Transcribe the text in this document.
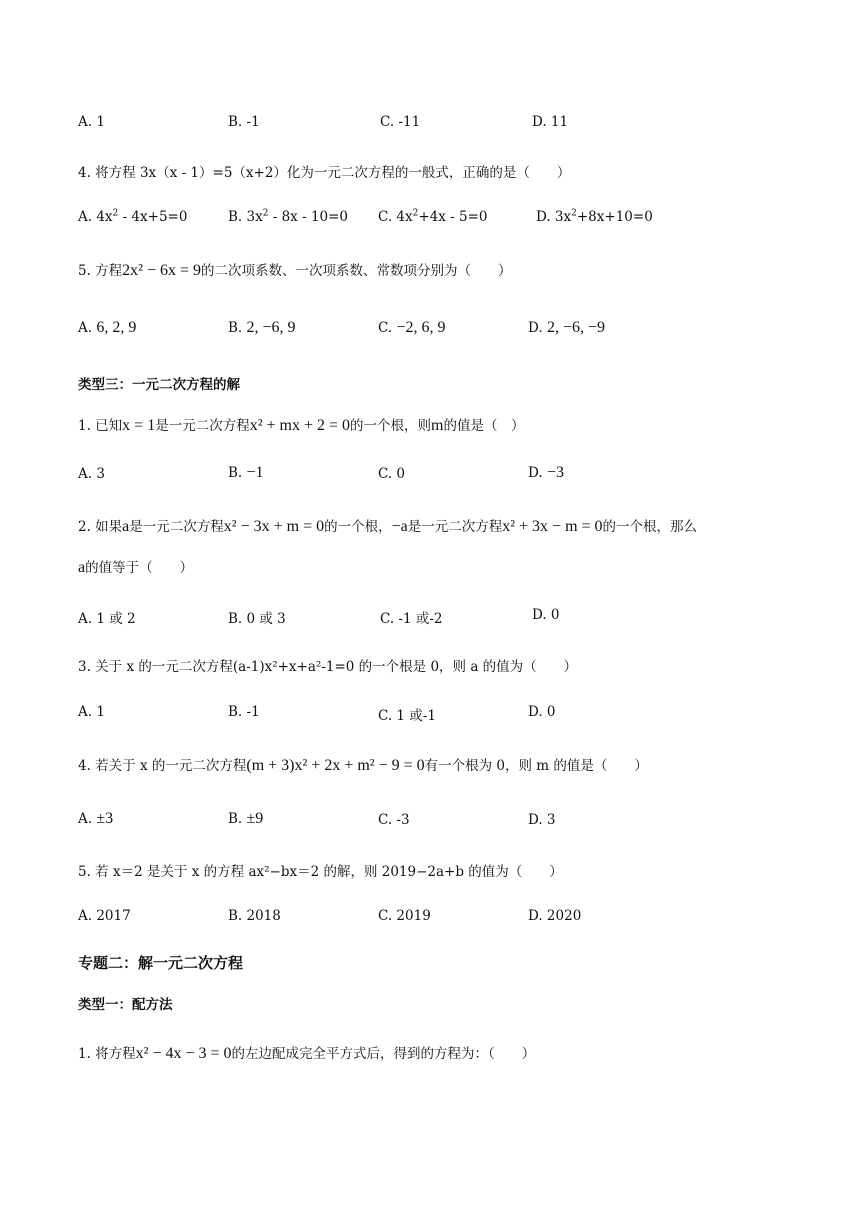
A. 1	B. -1	C. -11	D. 11
4. 将方程 3x（x - 1）=5（x+2）化为一元二次方程的一般式，正确的是（　　）
A. $4x^2 - 4x+5=0$	B. $3x^2 - 8x - 10=0$ C. $4x^2+4x - 5=0$	D. $3x^2+8x+10=0$
5. 方程2x² − 6x = 9的二次项系数、一次项系数、常数项分别为（　　）
A. 6, 2, 9	B. 2, −6, 9	C. −2, 6, 9	D. 2, −6, −9
类型三：一元二次方程的解
1. 已知x = 1是一元二次方程x² + mx + 2 = 0的一个根，则m的值是（　）
A. 3	B. −1	C. 0	D. −3
2. 如果a是一元二次方程x² − 3x + m = 0的一个根，−a是一元二次方程x² + 3x − m = 0的一个根，那么
a的值等于（　　）
A. 1 或 2	B. 0 或 3	C. -1 或-2	D. 0
3. 关于 x 的一元二次方程(a-1)x²+x+a²-1=0 的一个根是 0，则 a 的值为（　　）
A. 1	B. -1	C. 1 或-1	D. 0
4. 若关于 x 的一元二次方程(m + 3)x² + 2x + m² − 9 = 0有一个根为 0，则 m 的值是（　　）
A. ±3	B. ±9	C. -3	D. 3
5. 若 x＝2 是关于 x 的方程 ax²−bx＝2 的解，则 2019−2a+b 的值为（　　）
A. 2017	B. 2018	C. 2019	D. 2020
专题二：解一元二次方程
类型一：配方法
1. 将方程x² − 4x − 3 = 0的左边配成完全平方式后，得到的方程为：（　　）
